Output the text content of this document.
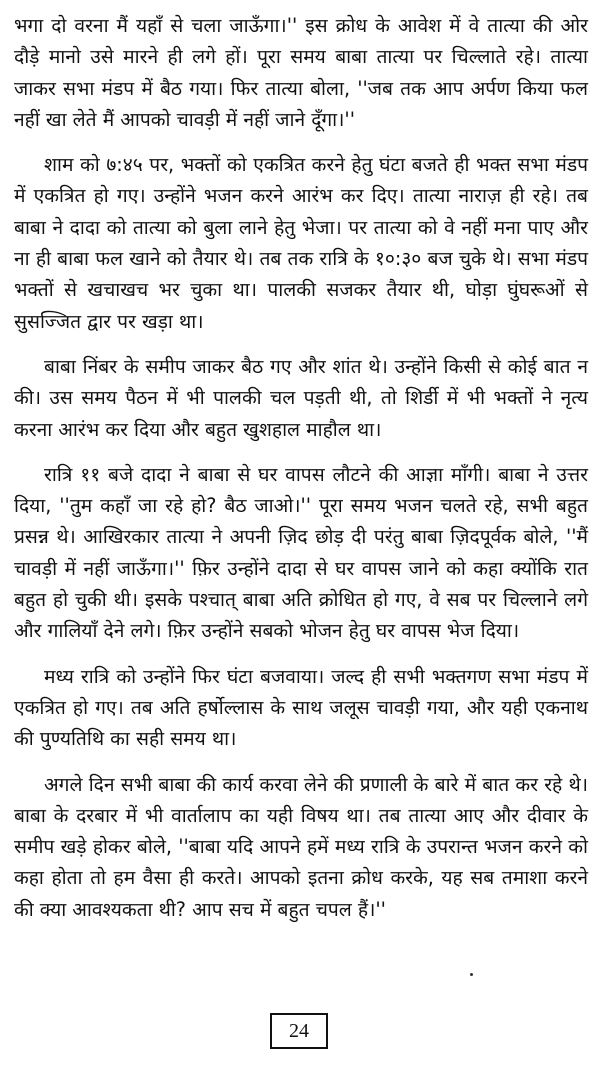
भगा दो वरना मैं यहाँ से चला जाऊँगा।'' इस क्रोध के आवेश में वे तात्या की ओर दौड़े मानो उसे मारने ही लगे हों। पूरा समय बाबा तात्या पर चिल्लाते रहे। तात्या जाकर सभा मंडप में बैठ गया। फिर तात्या बोला, ''जब तक आप अर्पण किया फल नहीं खा लेते मैं आपको चावड़ी में नहीं जाने दूँगा।''

शाम को ७:४५ पर, भक्तों को एकत्रित करने हेतु घंटा बजते ही भक्त सभा मंडप में एकत्रित हो गए। उन्होंने भजन करने आरंभ कर दिए। तात्या नाराज़ ही रहे। तब बाबा ने दादा को तात्या को बुला लाने हेतु भेजा। पर तात्या को वे नहीं मना पाए और ना ही बाबा फल खाने को तैयार थे। तब तक रात्रि के १०:३० बज चुके थे। सभा मंडप भक्तों से खचाखच भर चुका था। पालकी सजकर तैयार थी, घोड़ा घुंघरूओं से सुसज्जित द्वार पर खड़ा था।

बाबा निंबर के समीप जाकर बैठ गए और शांत थे। उन्होंने किसी से कोई बात न की। उस समय पैठन में भी पालकी चल पड़ती थी, तो शिर्डी में भी भक्तों ने नृत्य करना आरंभ कर दिया और बहुत खुशहाल माहौल था।

रात्रि ११ बजे दादा ने बाबा से घर वापस लौटने की आज्ञा माँगी। बाबा ने उत्तर दिया, ''तुम कहाँ जा रहे हो? बैठ जाओ।'' पूरा समय भजन चलते रहे, सभी बहुत प्रसन्न थे। आखिरकार तात्या ने अपनी ज़िद छोड़ दी परंतु बाबा ज़िदपूर्वक बोले, ''मैं चावड़ी में नहीं जाऊँगा।'' फ़िर उन्होंने दादा से घर वापस जाने को कहा क्योंकि रात बहुत हो चुकी थी। इसके पश्चात् बाबा अति क्रोधित हो गए, वे सब पर चिल्लाने लगे और गालियाँ देने लगे। फ़िर उन्होंने सबको भोजन हेतु घर वापस भेज दिया।

मध्य रात्रि को उन्होंने फिर घंटा बजवाया। जल्द ही सभी भक्तगण सभा मंडप में एकत्रित हो गए। तब अति हर्षोल्लास के साथ जलूस चावड़ी गया, और यही एकनाथ की पुण्यतिथि का सही समय था।

अगले दिन सभी बाबा की कार्य करवा लेने की प्रणाली के बारे में बात कर रहे थे। बाबा के दरबार में भी वार्तालाप का यही विषय था। तब तात्या आए और दीवार के समीप खड़े होकर बोले, ''बाबा यदि आपने हमें मध्य रात्रि के उपरान्त भजन करने को कहा होता तो हम वैसा ही करते। आपको इतना क्रोध करके, यह सब तमाशा करने की क्या आवश्यकता थी? आप सच में बहुत चपल हैं।''

24
